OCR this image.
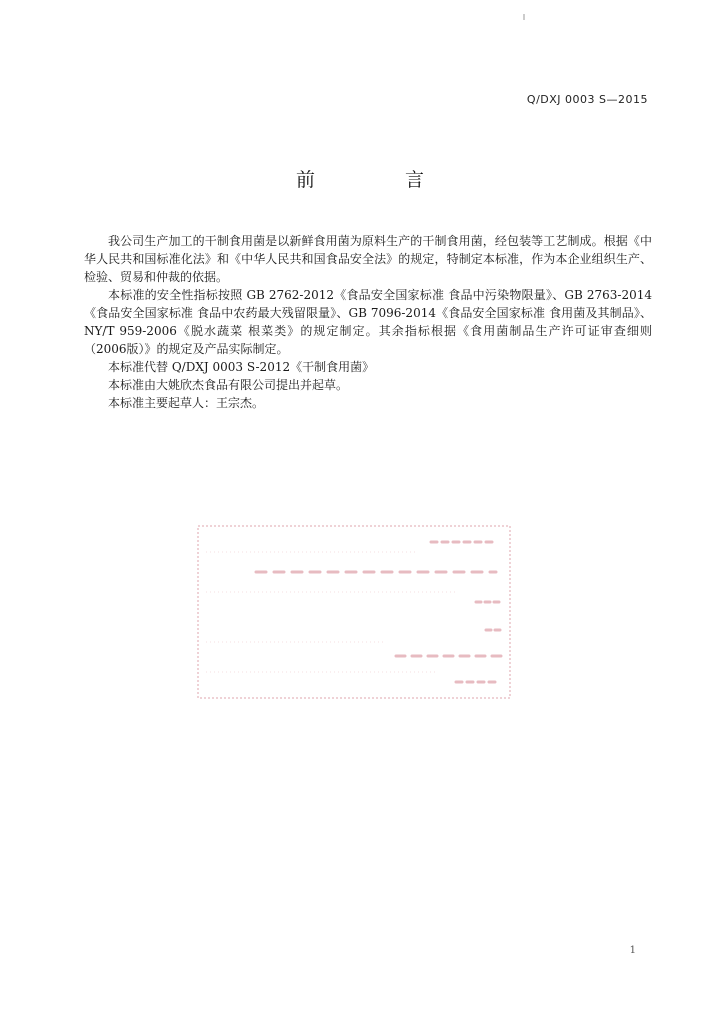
Q/DXJ 0003 S—2015
前 言

我公司生产加工的干制食用菌是以新鲜食用菌为原料生产的干制食用菌，经包装等工艺制成。根据《中华人民共和国标准化法》和《中华人民共和国食品安全法》的规定，特制定本标准，作为本企业组织生产、检验、贸易和仲裁的依据。

本标准的安全性指标按照 GB 2762-2012《食品安全国家标准 食品中污染物限量》、GB 2763-2014《食品安全国家标准 食品中农药最大残留限量》、GB 7096-2014《食品安全国家标准 食用菌及其制品》、NY/T 959-2006《脱水蔬菜 根菜类》的规定制定。其余指标根据《食用菌制品生产许可证审查细则（2006版）》的规定及产品实际制定。

本标准代替 Q/DXJ 0003 S-2012《干制食用菌》

本标准由大姚欣杰食品有限公司提出并起草。

本标准主要起草人：王宗杰。

1
